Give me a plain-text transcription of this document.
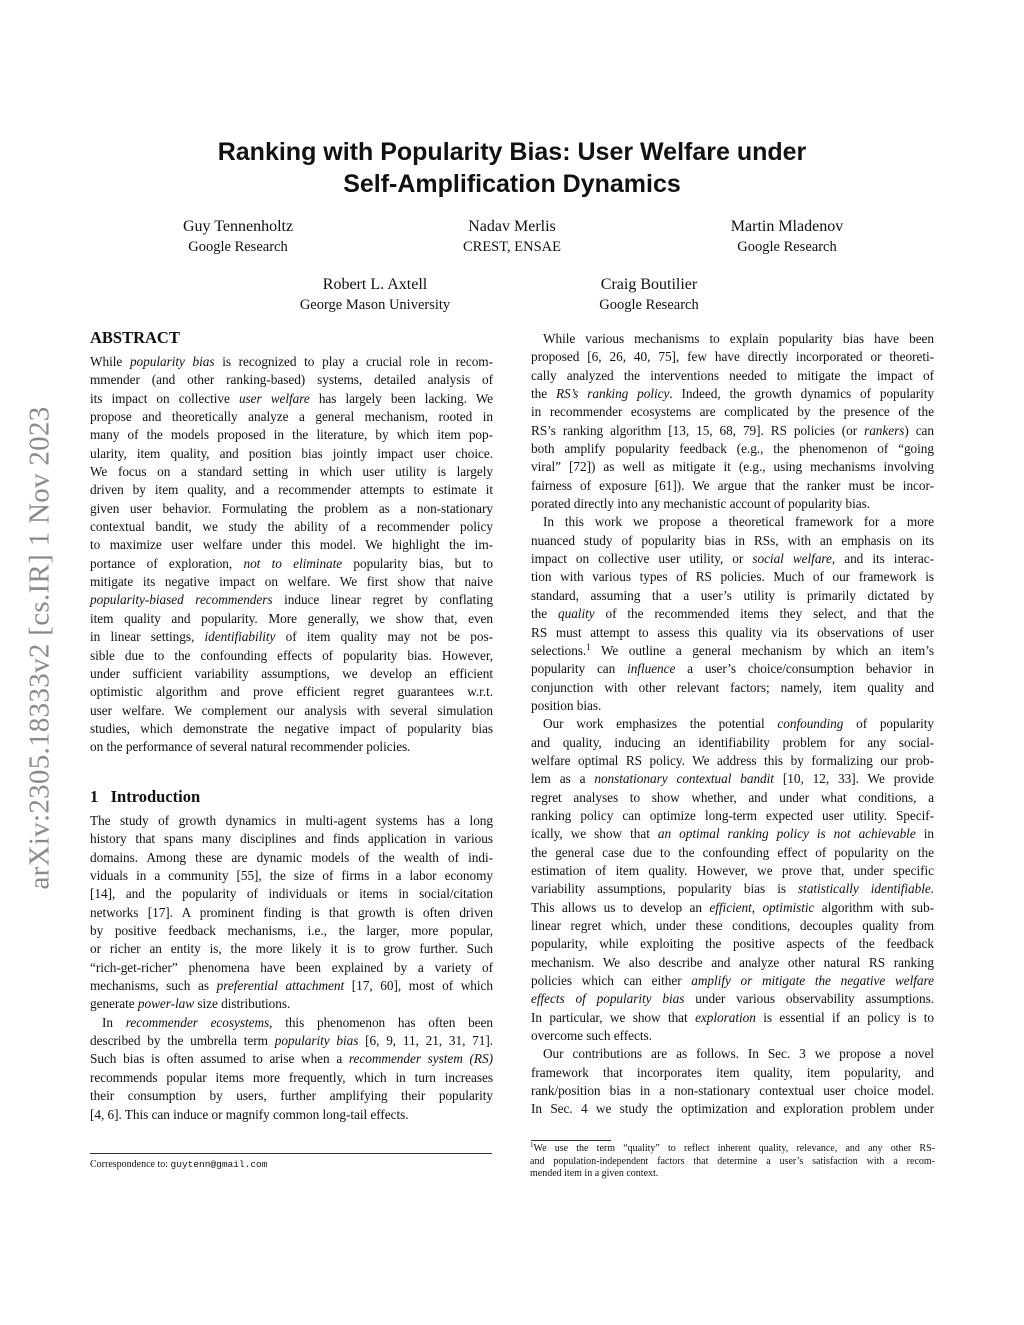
arXiv:2305.18333v2 [cs.IR] 1 Nov 2023
Ranking with Popularity Bias: User Welfare under
Self-Amplification Dynamics
Guy Tennenholtz
Google Research
Nadav Merlis
CREST, ENSAE
Martin Mladenov
Google Research
Robert L. Axtell
George Mason University
Craig Boutilier
Google Research
ABSTRACT
While popularity bias is recognized to play a crucial role in recom-
mmender (and other ranking-based) systems, detailed analysis of
its impact on collective user welfare has largely been lacking. We
propose and theoretically analyze a general mechanism, rooted in
many of the models proposed in the literature, by which item pop-
ularity, item quality, and position bias jointly impact user choice.
We focus on a standard setting in which user utility is largely
driven by item quality, and a recommender attempts to estimate it
given user behavior. Formulating the problem as a non-stationary
contextual bandit, we study the ability of a recommender policy
to maximize user welfare under this model. We highlight the im-
portance of exploration, not to eliminate popularity bias, but to
mitigate its negative impact on welfare. We first show that naive
popularity-biased recommenders induce linear regret by conflating
item quality and popularity. More generally, we show that, even
in linear settings, identifiability of item quality may not be pos-
sible due to the confounding effects of popularity bias. However,
under sufficient variability assumptions, we develop an efficient
optimistic algorithm and prove efficient regret guarantees w.r.t.
user welfare. We complement our analysis with several simulation
studies, which demonstrate the negative impact of popularity bias
on the performance of several natural recommender policies.
1   Introduction
The study of growth dynamics in multi-agent systems has a long
history that spans many disciplines and finds application in various
domains. Among these are dynamic models of the wealth of indi-
viduals in a community [55], the size of firms in a labor economy
[14], and the popularity of individuals or items in social/citation
networks [17]. A prominent finding is that growth is often driven
by positive feedback mechanisms, i.e., the larger, more popular,
or richer an entity is, the more likely it is to grow further. Such
“rich-get-richer” phenomena have been explained by a variety of
mechanisms, such as preferential attachment [17, 60], most of which
generate power-law size distributions.
In recommender ecosystems, this phenomenon has often been
described by the umbrella term popularity bias [6, 9, 11, 21, 31, 71].
Such bias is often assumed to arise when a recommender system (RS)
recommends popular items more frequently, which in turn increases
their consumption by users, further amplifying their popularity
[4, 6]. This can induce or magnify common long-tail effects.
While various mechanisms to explain popularity bias have been
proposed [6, 26, 40, 75], few have directly incorporated or theoreti-
cally analyzed the interventions needed to mitigate the impact of
the RS’s ranking policy. Indeed, the growth dynamics of popularity
in recommender ecosystems are complicated by the presence of the
RS’s ranking algorithm [13, 15, 68, 79]. RS policies (or rankers) can
both amplify popularity feedback (e.g., the phenomenon of “going
viral” [72]) as well as mitigate it (e.g., using mechanisms involving
fairness of exposure [61]). We argue that the ranker must be incor-
porated directly into any mechanistic account of popularity bias.
In this work we propose a theoretical framework for a more
nuanced study of popularity bias in RSs, with an emphasis on its
impact on collective user utility, or social welfare, and its interac-
tion with various types of RS policies. Much of our framework is
standard, assuming that a user’s utility is primarily dictated by
the quality of the recommended items they select, and that the
RS must attempt to assess this quality via its observations of user
selections.$^1$ We outline a general mechanism by which an item’s
popularity can influence a user’s choice/consumption behavior in
conjunction with other relevant factors; namely, item quality and
position bias.
Our work emphasizes the potential confounding of popularity
and quality, inducing an identifiability problem for any social-
welfare optimal RS policy. We address this by formalizing our prob-
lem as a nonstationary contextual bandit [10, 12, 33]. We provide
regret analyses to show whether, and under what conditions, a
ranking policy can optimize long-term expected user utility. Specif-
ically, we show that an optimal ranking policy is not achievable in
the general case due to the confounding effect of popularity on the
estimation of item quality. However, we prove that, under specific
variability assumptions, popularity bias is statistically identifiable.
This allows us to develop an efficient, optimistic algorithm with sub-
linear regret which, under these conditions, decouples quality from
popularity, while exploiting the positive aspects of the feedback
mechanism. We also describe and analyze other natural RS ranking
policies which can either amplify or mitigate the negative welfare
effects of popularity bias under various observability assumptions.
In particular, we show that exploration is essential if an policy is to
overcome such effects.
Our contributions are as follows. In Sec. 3 we propose a novel
framework that incorporates item quality, item popularity, and
rank/position bias in a non-stationary contextual user choice model.
In Sec. 4 we study the optimization and exploration problem under
Correspondence to: guytenn@gmail.com
$^1$We use the term “quality” to reflect inherent quality, relevance, and any other RS-
and population-independent factors that determine a user’s satisfaction with a recom-
mended item in a given context.
